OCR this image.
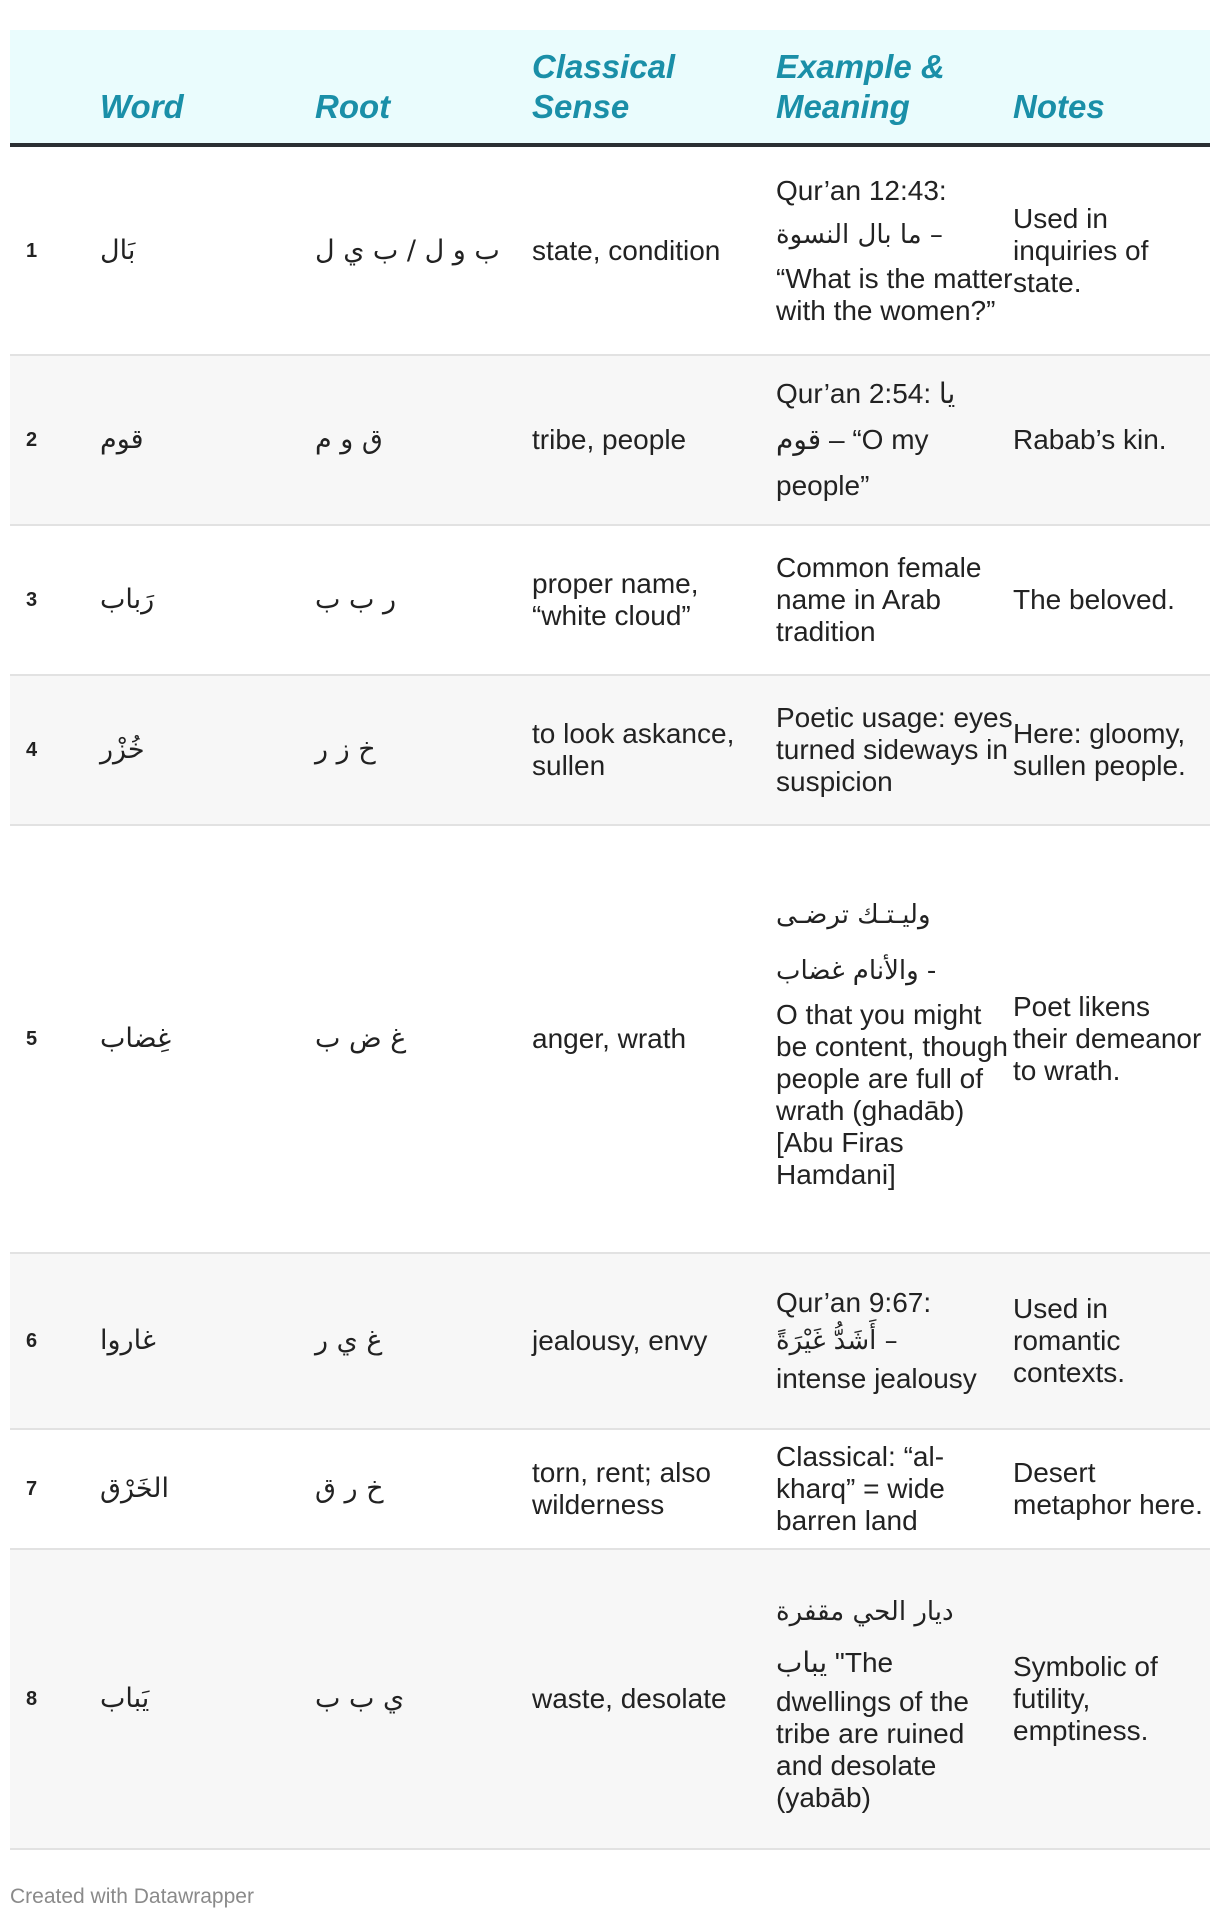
	Word	Root	Classical Sense	Example & Meaning	Notes
1	بَال	ب و ل / ب ي ل	state, condition	Qur’an 12:43:
ما بال النسوة –
“What is the matter with the women?”	Used in inquiries of state.
2	قوم	ق و م	tribe, people	Qur’an 2:54: يا
قوم – “O my
people”	Rabab’s kin.
3	رَباب	ر ب ب	proper name, “white cloud”	Common female name in Arab tradition	The beloved.
4	خُزْر	خ ز ر	to look askance, sullen	Poetic usage: eyes turned sideways in suspicion	Here: gloomy, sullen people.
5	غِضاب	غ ض ب	anger, wrath	وليـتـك ترضـى
والأنام غضاب -
O that you might be content, though people are full of wrath (ghadāb) [Abu Firas Hamdani]	Poet likens their demeanor to wrath.
6	غاروا	غ ي ر	jealousy, envy	Qur’an 9:67:
أَشَدُّ غَيْرَةً –
intense jealousy	Used in romantic contexts.
7	الخَرْق	خ ر ق	torn, rent; also wilderness	Classical: “al-kharq” = wide barren land	Desert metaphor here.
8	يَباب	ي ب ب	waste, desolate	ديار الحي مقفرة
يباب "The
dwellings of the tribe are ruined and desolate (yabāb)	Symbolic of futility, emptiness.
Created with Datawrapper
